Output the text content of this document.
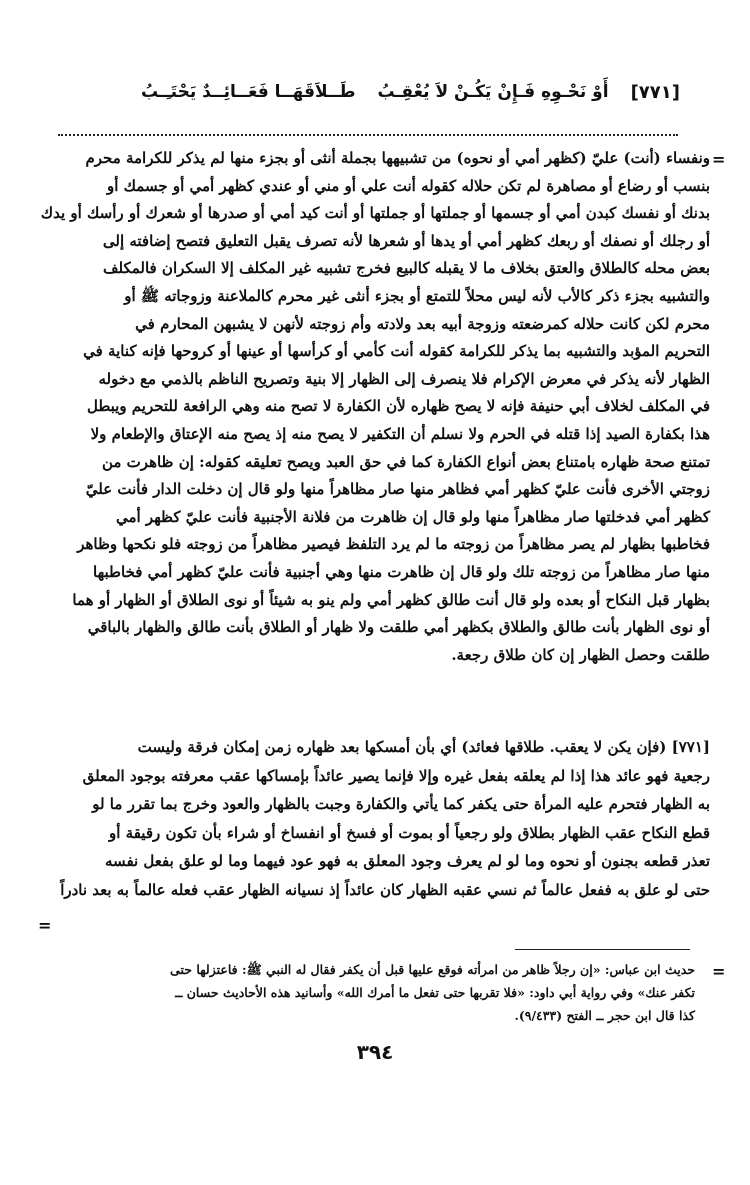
[٧٧١]
أَوْ نَحْـوِهِ فَـإِنْ يَكُـنْ لاَ يُعْقِـبُ
طَــلاَقَهَــا فَعَــائِــدٌ يَحْتَـِـبُ
=

ونفساء (أنت) عليّ (كظهر أمي أو نحوه) من تشبيهها بجملة أنثى أو بجزء منها لم يذكر للكرامة محرم

بنسب أو رضاع أو مصاهرة لم تكن حلاله كقوله أنت علي أو مني أو عندي كظهر أمي أو جسمك أو

بدنك أو نفسك كبدن أمي أو جسمها أو جملتها أو جملتها أو أنت كيد أمي أو صدرها أو شعرك أو رأسك أو يدك

أو رجلك أو نصفك أو ربعك كظهر أمي أو يدها أو شعرها لأنه تصرف يقبل التعليق فتصح إضافته إلى

بعض محله كالطلاق والعتق بخلاف ما لا يقبله كالبيع فخرج تشبيه غير المكلف إلا السكران فالمكلف

والتشبيه بجزء ذكر كالأب لأنه ليس محلاً للتمتع أو بجزء أنثى غير محرم كالملاعنة وزوجاته ﷺ أو

محرم لكن كانت حلاله كمرضعته وزوجة أبيه بعد ولادته وأم زوجته لأنهن لا يشبهن المحارم في

التحريم المؤبد والتشبيه بما يذكر للكرامة كقوله أنت كأمي أو كرأسها أو عينها أو كروحها فإنه كناية في

الظهار لأنه يذكر في معرض الإكرام فلا ينصرف إلى الظهار إلا بنية وتصريح الناظم بالذمي مع دخوله

في المكلف لخلاف أبي حنيفة فإنه لا يصح ظهاره لأن الكفارة لا تصح منه وهي الرافعة للتحريم ويبطل

هذا بكفارة الصيد إذا قتله في الحرم ولا نسلم أن التكفير لا يصح منه إذ يصح منه الإعتاق والإطعام ولا

تمتنع صحة ظهاره بامتناع بعض أنواع الكفارة كما في حق العبد ويصح تعليقه كقوله: إن ظاهرت من

زوجتي الأخرى فأنت عليّ كظهر أمي فظاهر منها صار مظاهراً منها ولو قال إن دخلت الدار فأنت عليّ

كظهر أمي فدخلتها صار مظاهراً منها ولو قال إن ظاهرت من فلانة الأجنبية فأنت عليّ كظهر أمي

فخاطبها بظهار لم يصر مظاهراً من زوجته ما لم يرد التلفظ فيصير مظاهراً من زوجته فلو نكحها وظاهر

منها صار مظاهراً من زوجته تلك ولو قال إن ظاهرت منها وهي أجنبية فأنت عليّ كظهر أمي فخاطبها

بظهار قبل النكاح أو بعده ولو قال أنت طالق كظهر أمي ولم ينو به شيئاً أو نوى الطلاق أو الظهار أو هما

أو نوى الظهار بأنت طالق والطلاق بكظهر أمي طلقت ولا ظهار أو الطلاق بأنت طالق والظهار بالباقي

طلقت وحصل الظهار إن كان طلاق رجعة.

[٧٧١] (فإن يكن لا يعقب. طلاقها فعائد) أي بأن أمسكها بعد ظهاره زمن إمكان فرقة وليست

رجعية فهو عائد هذا إذا لم يعلقه بفعل غيره وإلا فإنما يصير عائداً بإمساكها عقب معرفته بوجود المعلق

به الظهار فتحرم عليه المرأة حتى يكفر كما يأتي والكفارة وجبت بالظهار والعود وخرج بما تقرر ما لو

قطع النكاح عقب الظهار بطلاق ولو رجعياً أو بموت أو فسخ أو انفساخ أو شراء بأن تكون رقيقة أو

تعذر قطعه بجنون أو نحوه وما لو لم يعرف وجود المعلق به فهو عود فيهما وما لو علق بفعل نفسه

حتى لو علق به ففعل عالماً ثم نسي عقبه الظهار كان عائداً إذ نسيانه الظهار عقب فعله عالماً به بعد نادراً

=
=

حديث ابن عباس: «إن رجلاً ظاهر من امرأته فوقع عليها قبل أن يكفر فقال له النبي ﷺ: فاعتزلها حتى

تكفر عنك» وفي رواية أبي داود: «فلا تقربها حتى تفعل ما أمرك الله» وأسانيد هذه الأحاديث حسان ــ

كذا قال ابن حجر ــ الفتح (٩/٤٣٣).

٣٩٤
